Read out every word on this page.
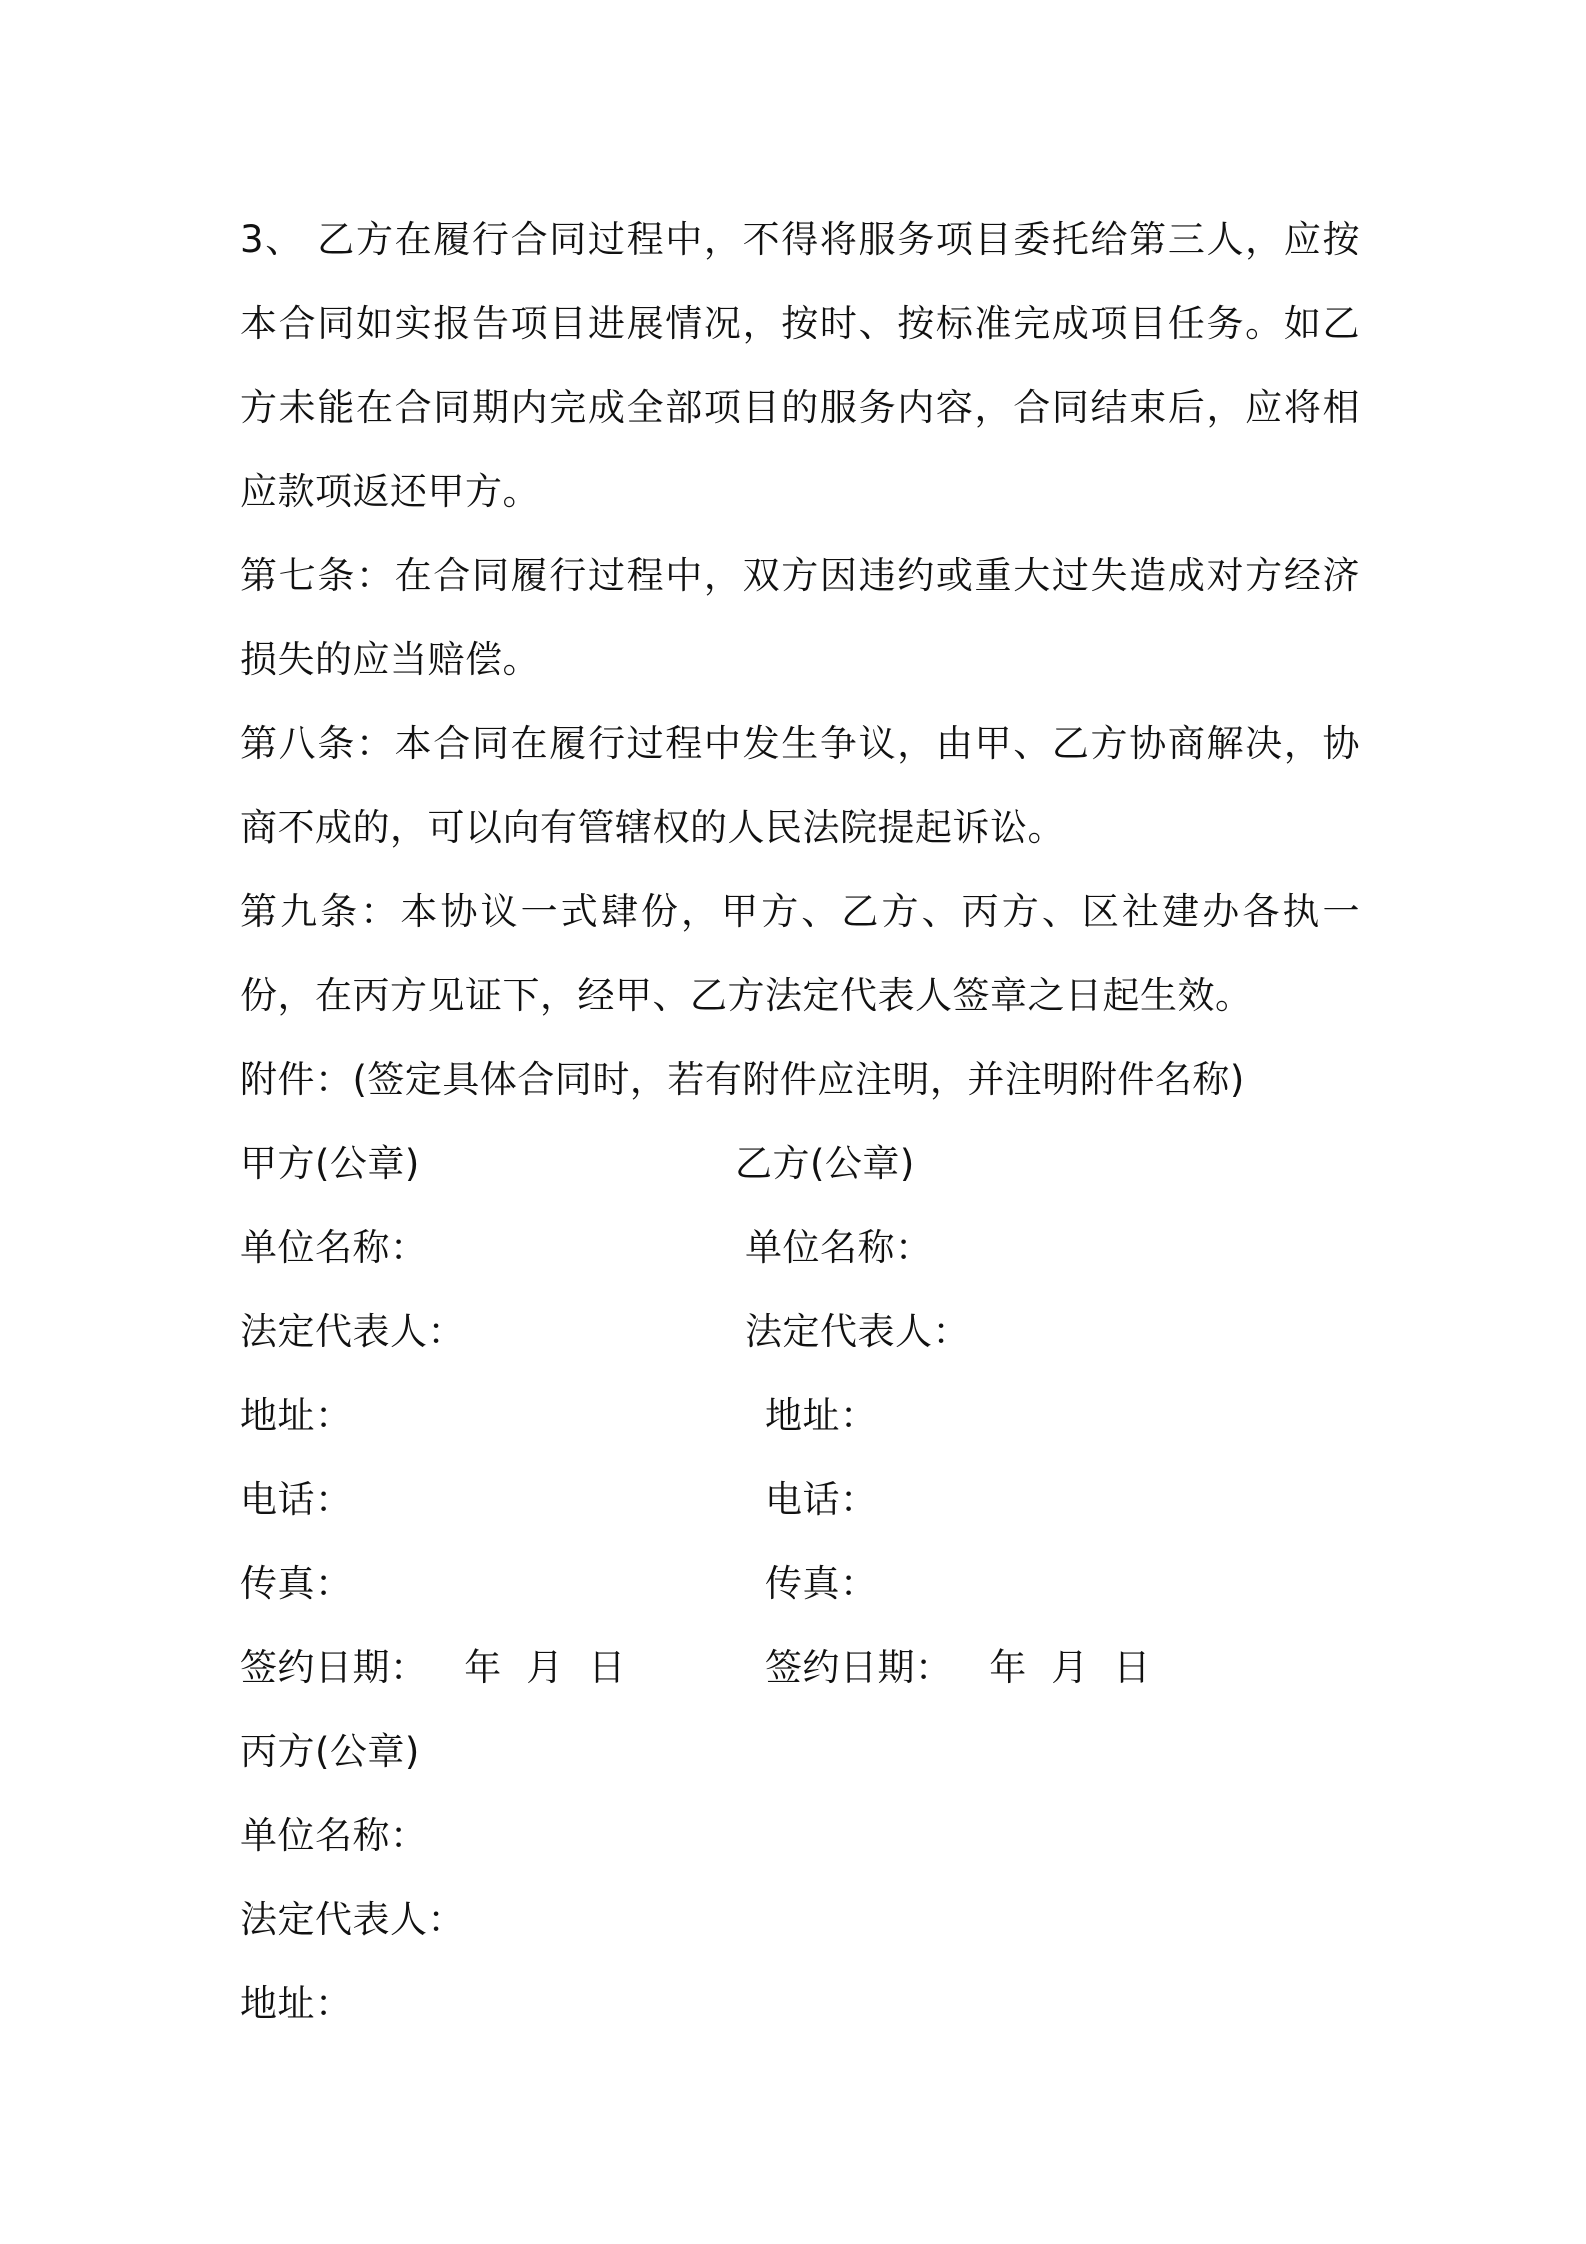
3、 乙方在履行合同过程中，不得将服务项目委托给第三人，应按本合同如实报告项目进展情况，按时、按标准完成项目任务。如乙方未能在合同期内完成全部项目的服务内容，合同结束后，应将相应款项返还甲方。

第七条：在合同履行过程中，双方因违约或重大过失造成对方经济损失的应当赔偿。

第八条：本合同在履行过程中发生争议，由甲、乙方协商解决，协商不成的，可以向有管辖权的人民法院提起诉讼。

第九条：本协议一式肆份，甲方、乙方、丙方、区社建办各执一份，在丙方见证下，经甲、乙方法定代表人签章之日起生效。

附件：(签定具体合同时，若有附件应注明，并注明附件名称)

甲方(公章)	乙方(公章)
单位名称：	单位名称：
法定代表人：	法定代表人：
地址：	地址：
电话：	电话：
传真：	传真：
签约日期：   年  月  日	签约日期：   年  月  日
丙方(公章)
单位名称：
法定代表人：
地址：
